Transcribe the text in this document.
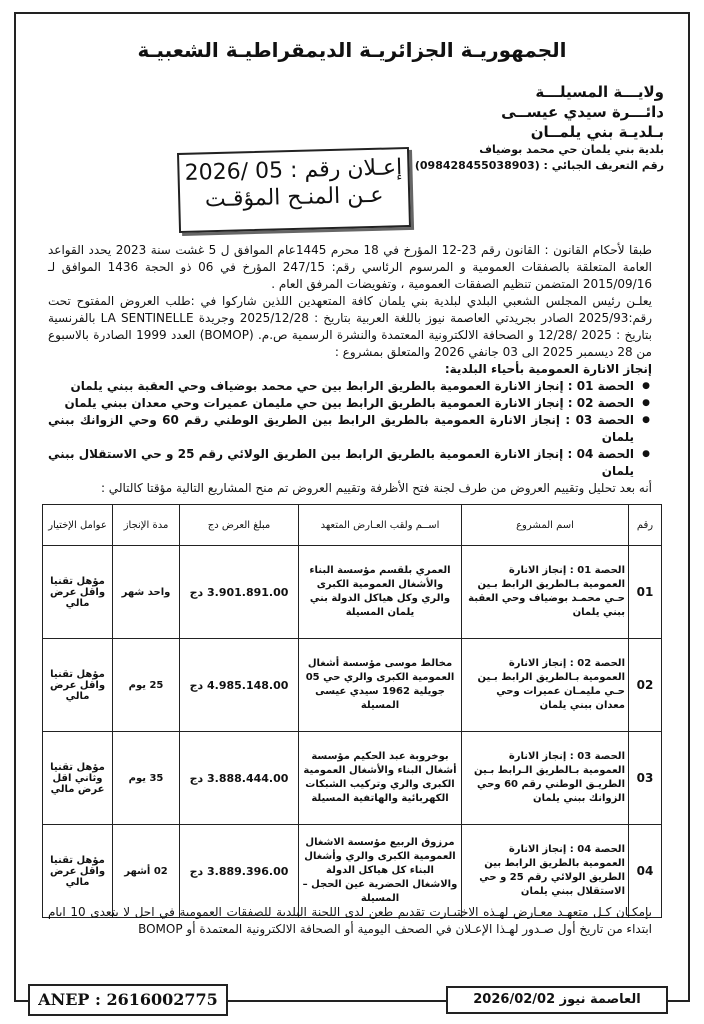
الجمهوريـة الجزائريـة الديمقراطيـة الشعبيـة
ولايـــة المسيلـــة
دائـــرة سيدي عيســى
بـلديـة بني يلمــان
بلدية بني يلمان حي محمد بوضياف
رقم التعريف الجبائي : (098428455038903)
إعـلان رقم : 05 /2026
عـن المنـح المؤقـت

طبقا لأحكام القانون : القانون رقم 23-12 المؤرخ في 18 محرم 1445عام الموافق ل 5 غشت سنة 2023 يحدد القواعد العامة المتعلقة بالصفقات العمومية و المرسوم الرئاسي رقم: 247/15 المؤرخ في 06 ذو الحجة 1436 الموافق لـ 2015/09/16 المتضمن تنظيم الصفقات العمومية ، وتفويضات المرفق العام .

يعلـن رئيس المجلس الشعبي البلدي لبلدية بني يلمان كافة المتعهدين اللذين شاركوا في :طلب العروض المفتوح تحت رقم:2025/93 الصادر بجريدتي العاصمة نيوز باللغة العربية بتاريخ : 2025/12/28 وجريدة LA SENTINELLE بالفرنسية بتاريخ : 2025 /12/28 و الصحافة الالكترونية المعتمدة والنشرة الرسمية ص.م. (BOMOP) العدد 1999 الصادرة بالاسبوع من 28 ديسمبر 2025 الى 03 جانفي 2026 والمتعلق بمشروع :

إنجاز الانارة العمومية بأحياء البلدية:

● الحصة 01 : إنجاز الانارة العمومية بالطريق الرابط بين حي محمد بوضياف وحي العقبة ببني يلمان
● الحصة 02 : إنجاز الانارة العمومية بالطريق الرابط بين حي مليمان عميرات وحي معدان ببني يلمان
● الحصة 03 : إنجاز الانارة العمومية بالطريق الرابط بين الطريق الوطني رقم 60 وحي الزوانك ببني يلمان
● الحصة 04 : إنجاز الانارة العمومية بالطريق الرابط بين الطريق الولائي رقم 25 و حي الاستقلال ببني يلمان

أنه بعد تحليل وتقييم العروض من طرف لجنة فتح الأظرفة وتقييم العروض تم منح المشاريع التالية مؤقتا كالتالي :

رقم	اسم المشروع	اســم ولقب العـارض المتعهد	مبلغ العرض دج	مدة الإنجاز	عوامل الإختيار
01	الحصة 01 : إنجاز الانارة العمومية بـالطريق الرابط بـين حـي محمـد بوضياف وحي العقبة ببني يلمان	العمري بلقسم مؤسسة البناء والأشغال العمومية الكبرى والري وكل هياكل الدولة بني يلمان المسيلة	3.901.891.00 دج	واحد شهر	مؤهل تقنيا واقل عرض مالي
02	الحصة 02 : إنجاز الانارة العمومية بـالطريق الرابط بـين حـي مليمـان عميرات وحي معدان ببني يلمان	مخالط موسى مؤسسة أشغال العمومية الكبرى والري حي 05 جويلية 1962 سيدي عيسى المسيلة	4.985.148.00 دج	25 يوم	مؤهل تقنيا واقل عرض مالي
03	الحصة 03 : إنجاز الانارة العمومية بـالطريق الـرابط بـين الطريـق الوطني رقم 60 وحي الزوانك ببني يلمان	بوخروبة عبد الحكيم مؤسسة أشغال البناء والأشغال العمومية الكبرى والري وتركيب الشبكات الكهربائية والهاتفية المسيلة	3.888.444.00 دج	35 يوم	مؤهل تقنيا وثاني اقل عرض مالي
04	الحصة 04 : إنجاز الانارة العمومية بالطريق الرابط بين الطريق الولائي رقم 25 و حي الاستقلال ببني يلمان	مرزوق الربيع مؤسسة الاشغال العمومية الكبرى والري وأشغال البناء كل هياكل الدولة والاشغال الحضرية عين الحجل – المسيلة	3.889.396.00 دج	02 أشهر	مؤهل تقنيا واقل عرض مالي
بإمكـان كـل متعهـد معـارض لهـذه الاختيـارت تقديم طعن لدى اللجنة البلدية للصفقات العمومية في اجل لا يتعدى 10 ايام ابتداء من تاريخ أول صـدور لهـذا الإعـلان في الصحف اليومية أو الصحافة الالكترونية المعتمدة أو BOMOP
ANEP : 2616002775	العاصمة نيوز 2026/02/02
